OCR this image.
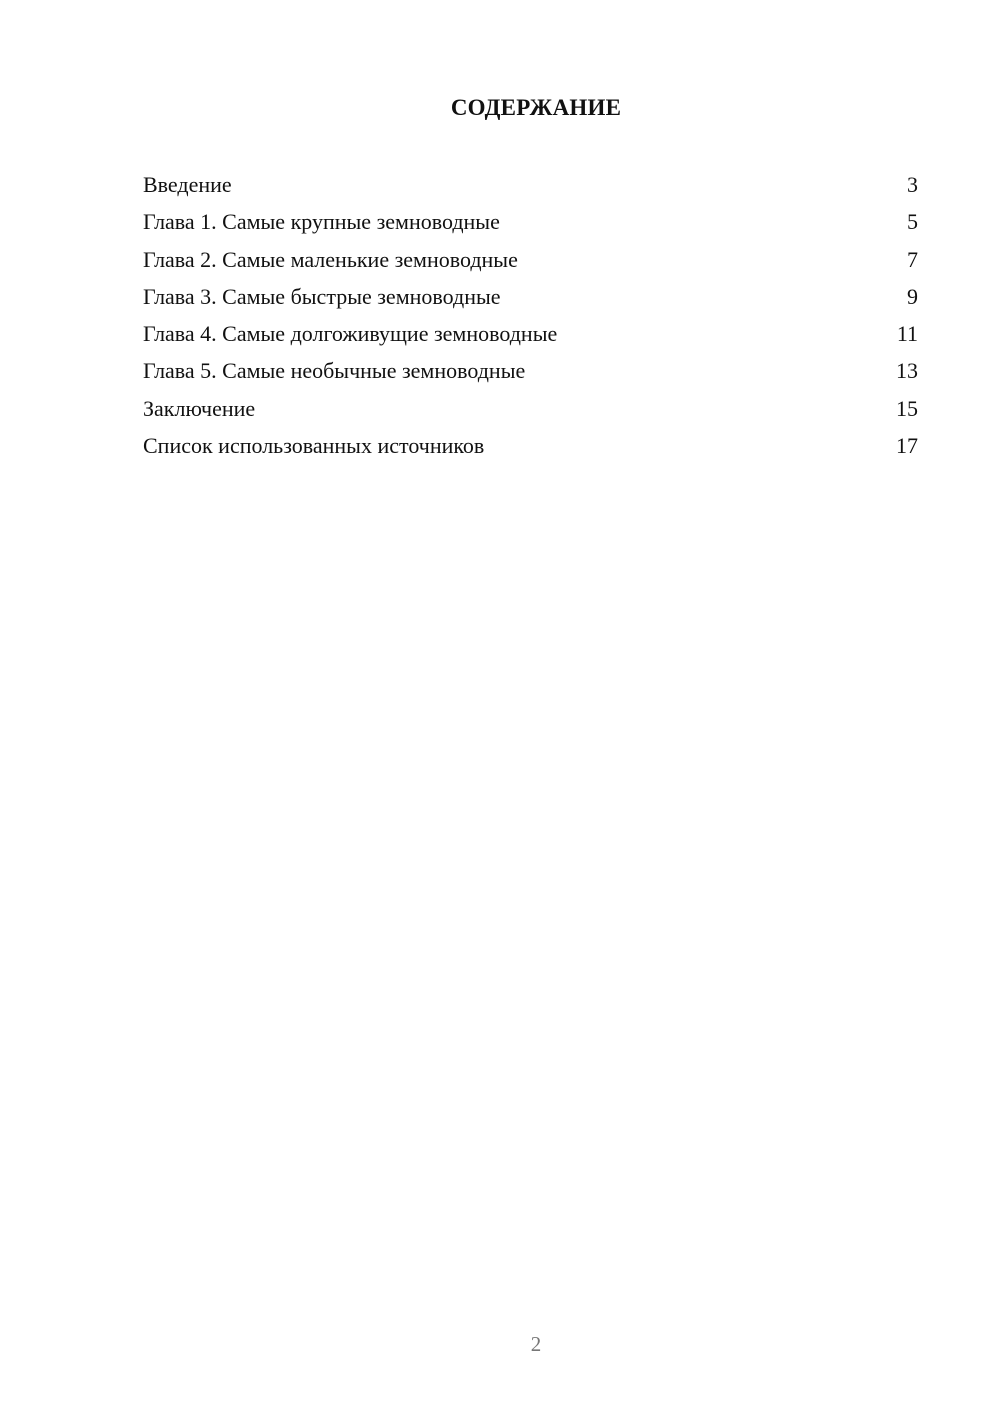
СОДЕРЖАНИЕ
Введение	3
Глава 1. Самые крупные земноводные	5
Глава 2. Самые маленькие земноводные	7
Глава 3. Самые быстрые земноводные	9
Глава 4. Самые долгоживущие земноводные	11
Глава 5. Самые необычные земноводные	13
Заключение	15
Список использованных источников	17
2
